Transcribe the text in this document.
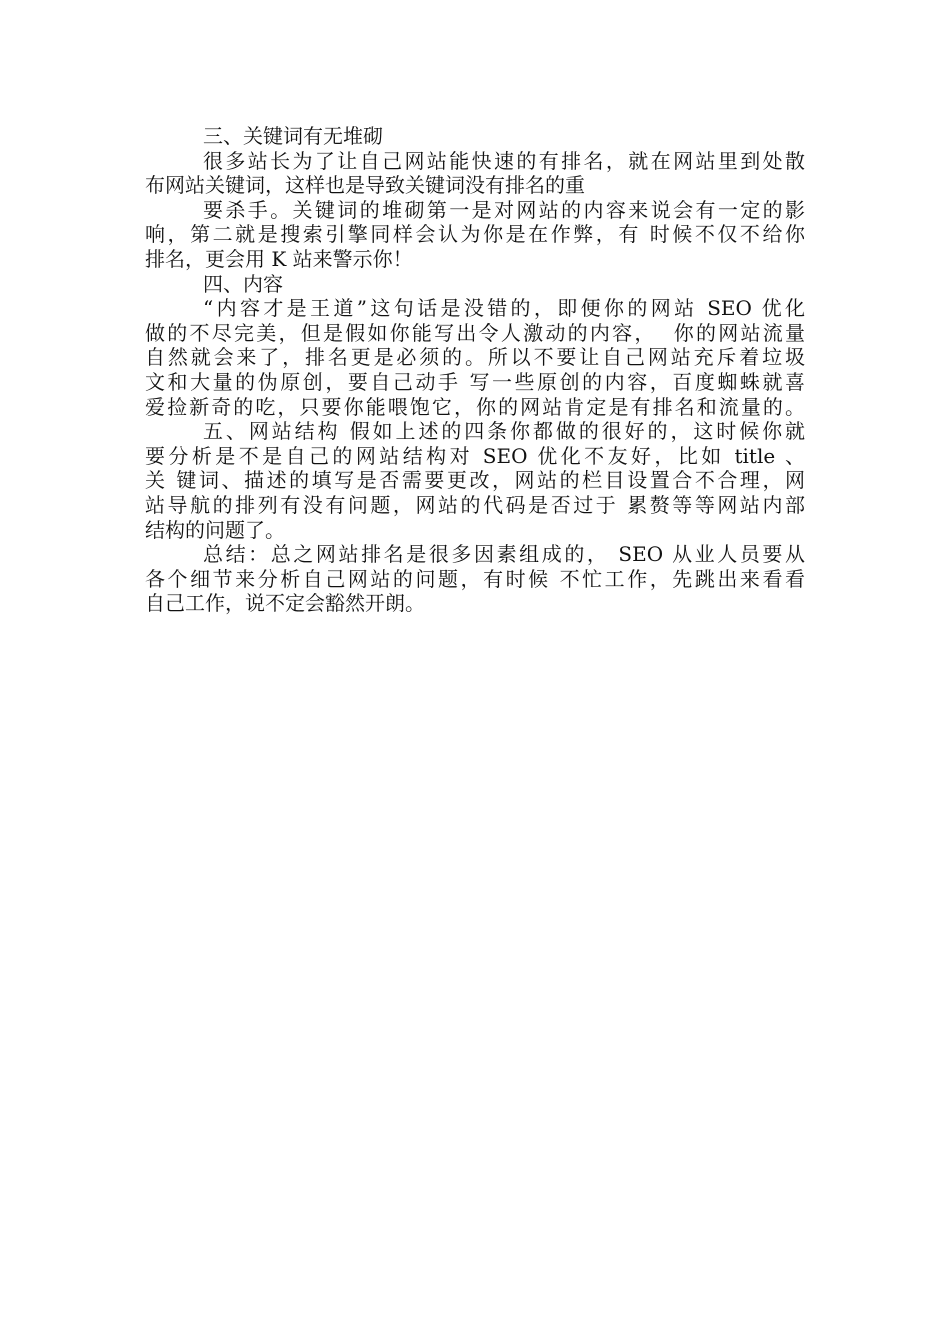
三、关键词有无堆砌
很多站长为了让自己网站能快速的有排名，就在网站里到处散
布网站关键词，这样也是导致关键词没有排名的重
要杀手。关键词的堆砌第一是对网站的内容来说会有一定的影
响，第二就是搜索引擎同样会认为你是在作弊，有 时候不仅不给你
排名，更会用 K 站来警示你！
四、内容
“内容才是王道”这句话是没错的，即便你的网站 SEO 优化
做的不尽完美，但是假如你能写出令人激动的内容，  你的网站流量
自然就会来了，排名更是必须的。所以不要让自己网站充斥着垃圾
文和大量的伪原创，要自己动手 写一些原创的内容，百度蜘蛛就喜
爱捡新奇的吃，只要你能喂饱它，你的网站肯定是有排名和流量的。
五、网站结构 假如上述的四条你都做的很好的，这时候你就
要分析是不是自己的网站结构对 SEO 优化不友好，比如 title 、
关 键词、描述的填写是否需要更改，网站的栏目设置合不合理，网
站导航的排列有没有问题，网站的代码是否过于 累赘等等网站内部
结构的问题了。
总结：总之网站排名是很多因素组成的， SEO 从业人员要从
各个细节来分析自己网站的问题，有时候 不忙工作，先跳出来看看
自己工作，说不定会豁然开朗。
